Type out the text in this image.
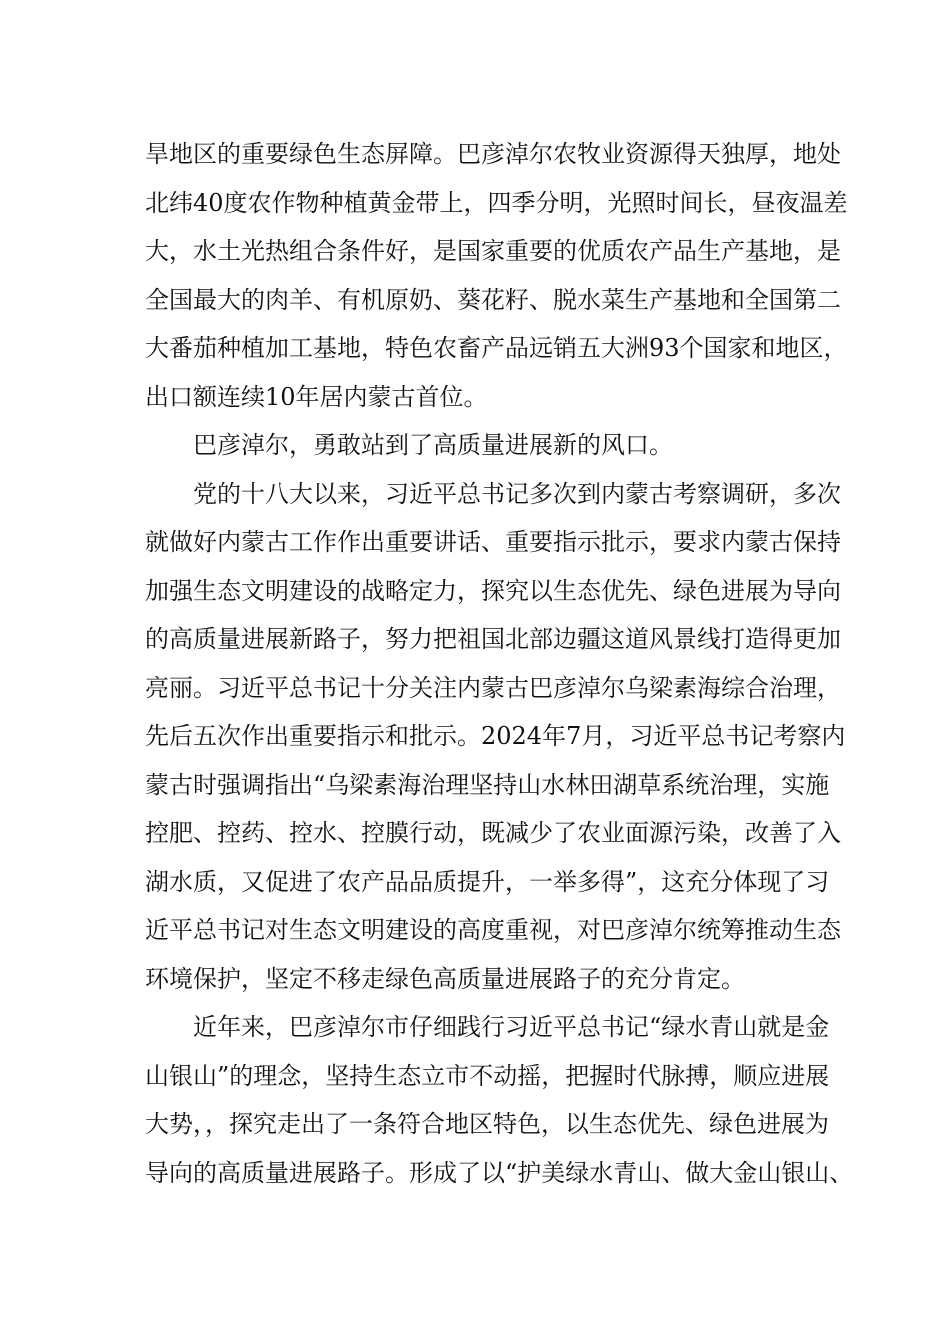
旱地区的重要绿色生态屏障。巴彦淖尔农牧业资源得天独厚，地处
北纬40度农作物种植黄金带上，四季分明，光照时间长，昼夜温差
大，水土光热组合条件好，是国家重要的优质农产品生产基地，是
全国最大的肉羊、有机原奶、葵花籽、脱水菜生产基地和全国第二
大番茄种植加工基地，特色农畜产品远销五大洲93个国家和地区，
出口额连续10年居内蒙古首位。
巴彦淖尔，勇敢站到了高质量进展新的风口。
党的十八大以来，习近平总书记多次到内蒙古考察调研，多次
就做好内蒙古工作作出重要讲话、重要指示批示，要求内蒙古保持
加强生态文明建设的战略定力，探究以生态优先、绿色进展为导向
的高质量进展新路子，努力把祖国北部边疆这道风景线打造得更加
亮丽。习近平总书记十分关注内蒙古巴彦淖尔乌梁素海综合治理，
先后五次作出重要指示和批示。2024年7月，习近平总书记考察内
蒙古时强调指出“乌梁素海治理坚持山水林田湖草系统治理，实施
控肥、控药、控水、控膜行动，既减少了农业面源污染，改善了入
湖水质，又促进了农产品品质提升，一举多得”，这充分体现了习
近平总书记对生态文明建设的高度重视，对巴彦淖尔统筹推动生态
环境保护，坚定不移走绿色高质量进展路子的充分肯定。
近年来，巴彦淖尔市仔细践行习近平总书记“绿水青山就是金
山银山”的理念，坚持生态立市不动摇，把握时代脉搏，顺应进展
大势，，探究走出了一条符合地区特色，以生态优先、绿色进展为
导向的高质量进展路子。形成了以“护美绿水青山、做大金山银山、
